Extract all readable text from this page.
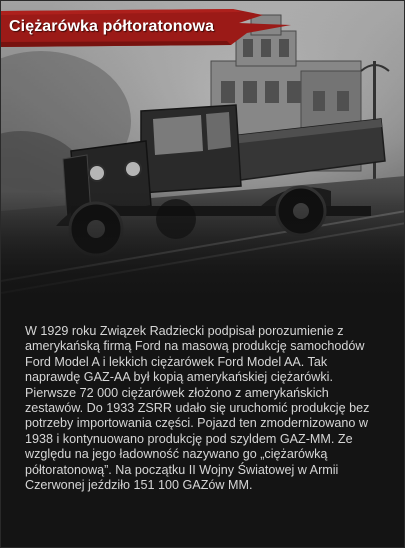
Ciężarówka półtoratonowa
W 1929 roku Związek Radziecki podpisał porozumienie z
amerykańską firmą Ford na masową produkcję samochodów
Ford Model A i lekkich ciężarówek Ford Model AA. Tak
naprawdę GAZ-AA był kopią amerykańskiej ciężarówki.
Pierwsze 72 000 ciężarówek złożono z amerykańskich
zestawów. Do 1933 ZSRR udało się uruchomić produkcję bez
potrzeby importowania części. Pojazd ten zmodernizowano w
1938 i kontynuowano produkcję pod szyldem GAZ-MM. Ze
względu na jego ładowność nazywano go „ciężarówką
półtoratonową”. Na początku II Wojny Światowej w Armii
Czerwonej jeździło 151 100 GAZów MM.
